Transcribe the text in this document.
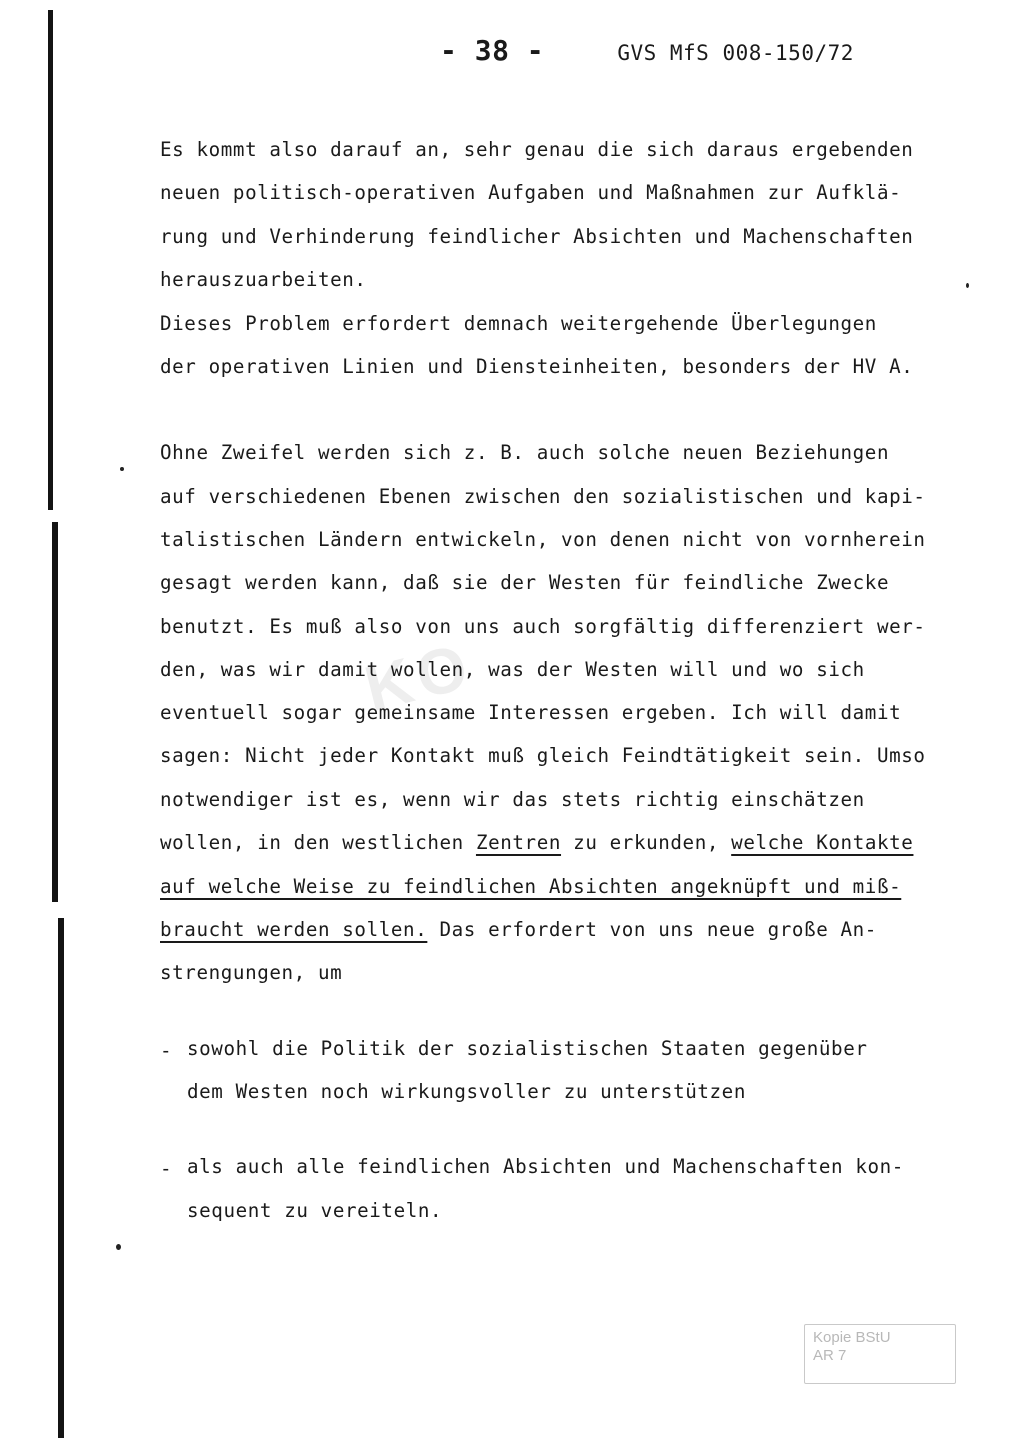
KO
- 38 -	GVS MfS 008-150/72
Es kommt also darauf an, sehr genau die sich daraus ergebenden
neuen politisch-operativen Aufgaben und Maßnahmen zur Aufklä-
rung und Verhinderung feindlicher Absichten und Machenschaften
herauszuarbeiten.
Dieses Problem erfordert demnach weitergehende Überlegungen
der operativen Linien und Diensteinheiten, besonders der HV A.
Ohne Zweifel werden sich z. B. auch solche neuen Beziehungen
auf verschiedenen Ebenen zwischen den sozialistischen und kapi-
talistischen Ländern entwickeln, von denen nicht von vornherein
gesagt werden kann, daß sie der Westen für feindliche Zwecke
benutzt. Es muß also von uns auch sorgfältig differenziert wer-
den, was wir damit wollen, was der Westen will und wo sich
eventuell sogar gemeinsame Interessen ergeben. Ich will damit
sagen: Nicht jeder Kontakt muß gleich Feindtätigkeit sein. Umso
notwendiger ist es, wenn wir das stets richtig einschätzen
wollen, in den westlichen Zentren zu erkunden, welche Kontakte
auf welche Weise zu feindlichen Absichten angeknüpft und miß-
braucht werden sollen. Das erfordert von uns neue große An-
strengungen, um
- sowohl die Politik der sozialistischen Staaten gegenüber
dem Westen noch wirkungsvoller zu unterstützen
- als auch alle feindlichen Absichten und Machenschaften kon-
sequent zu vereiteln.
Kopie BStU
AR 7
